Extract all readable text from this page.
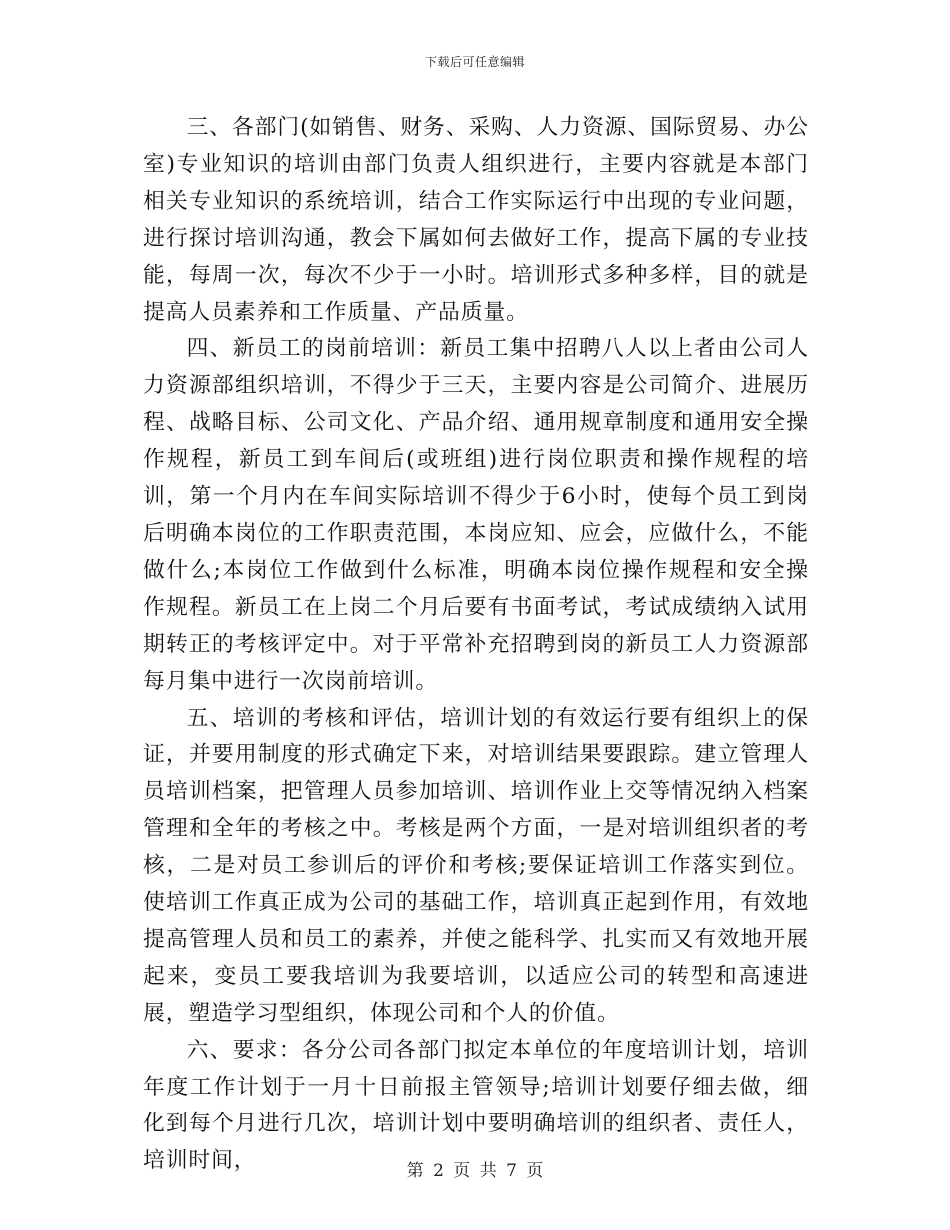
下载后可任意编辑

三、各部门(如销售、财务、采购、人力资源、国际贸易、办公室)专业知识的培训由部门负责人组织进行，主要内容就是本部门相关专业知识的系统培训，结合工作实际运行中出现的专业问题，进行探讨培训沟通，教会下属如何去做好工作，提高下属的专业技能，每周一次，每次不少于一小时。培训形式多种多样，目的就是提高人员素养和工作质量、产品质量。

四、新员工的岗前培训：新员工集中招聘八人以上者由公司人力资源部组织培训，不得少于三天，主要内容是公司简介、进展历程、战略目标、公司文化、产品介绍、通用规章制度和通用安全操作规程，新员工到车间后(或班组)进行岗位职责和操作规程的培训，第一个月内在车间实际培训不得少于6小时，使每个员工到岗后明确本岗位的工作职责范围，本岗应知、应会，应做什么，不能做什么;本岗位工作做到什么标准，明确本岗位操作规程和安全操作规程。新员工在上岗二个月后要有书面考试，考试成绩纳入试用期转正的考核评定中。对于平常补充招聘到岗的新员工人力资源部每月集中进行一次岗前培训。

五、培训的考核和评估，培训计划的有效运行要有组织上的保证，并要用制度的形式确定下来，对培训结果要跟踪。建立管理人员培训档案，把管理人员参加培训、培训作业上交等情况纳入档案管理和全年的考核之中。考核是两个方面，一是对培训组织者的考核，二是对员工参训后的评价和考核;要保证培训工作落实到位。使培训工作真正成为公司的基础工作，培训真正起到作用，有效地提高管理人员和员工的素养，并使之能科学、扎实而又有效地开展起来，变员工要我培训为我要培训，以适应公司的转型和高速进展，塑造学习型组织，体现公司和个人的价值。

六、要求：各分公司各部门拟定本单位的年度培训计划，培训年度工作计划于一月十日前报主管领导;培训计划要仔细去做，细化到每个月进行几次，培训计划中要明确培训的组织者、责任人，培训时间，	第 2 页 共 7 页
